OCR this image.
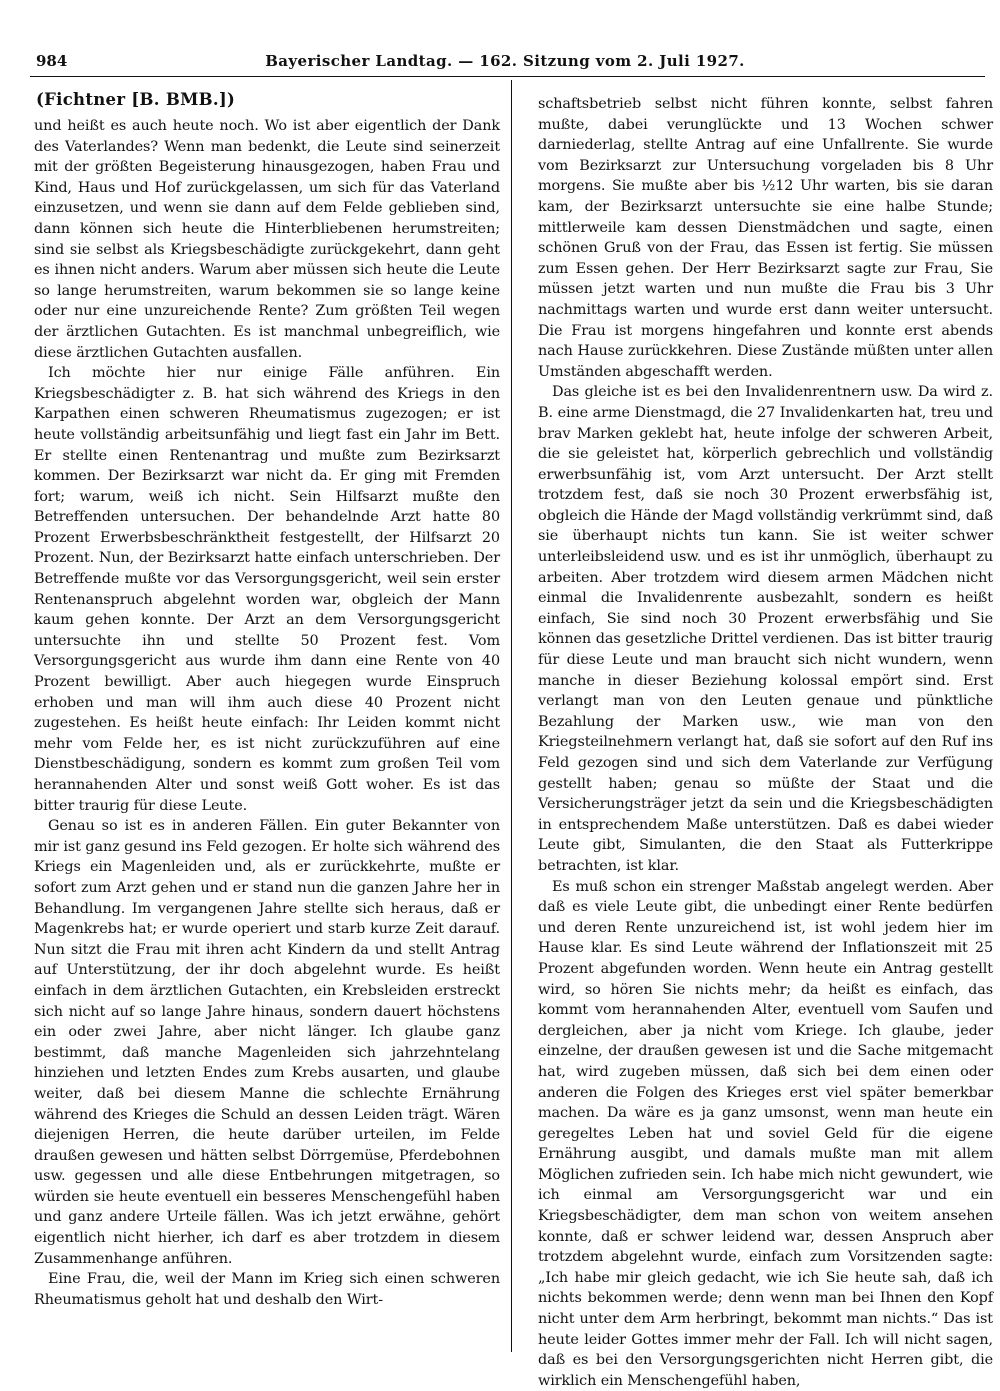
984	Bayerischer Landtag. — 162. Sitzung vom 2. Juli 1927.
(Fichtner [B. BMB.])

und heißt es auch heute noch. Wo ist aber eigentlich der Dank des Vaterlandes? Wenn man bedenkt, die Leute sind seinerzeit mit der größten Begeisterung hinausgezogen, haben Frau und Kind, Haus und Hof zurückgelassen, um sich für das Vaterland einzusetzen, und wenn sie dann auf dem Felde geblieben sind, dann können sich heute die Hinterbliebenen herumstreiten; sind sie selbst als Kriegsbeschädigte zurückgekehrt, dann geht es ihnen nicht anders. Warum aber müssen sich heute die Leute so lange herumstreiten, warum bekommen sie so lange keine oder nur eine unzureichende Rente? Zum größten Teil wegen der ärztlichen Gutachten. Es ist manchmal unbegreiflich, wie diese ärztlichen Gutachten ausfallen.

Ich möchte hier nur einige Fälle anführen. Ein Kriegsbeschädigter z. B. hat sich während des Kriegs in den Karpathen einen schweren Rheumatismus zugezogen; er ist heute vollständig arbeitsunfähig und liegt fast ein Jahr im Bett. Er stellte einen Rentenantrag und mußte zum Bezirksarzt kommen. Der Bezirksarzt war nicht da. Er ging mit Fremden fort; warum, weiß ich nicht. Sein Hilfsarzt mußte den Betreffenden untersuchen. Der behandelnde Arzt hatte 80 Prozent Erwerbsbeschränktheit festgestellt, der Hilfsarzt 20 Prozent. Nun, der Bezirksarzt hatte einfach unterschrieben. Der Betreffende mußte vor das Versorgungsgericht, weil sein erster Rentenanspruch abgelehnt worden war, obgleich der Mann kaum gehen konnte. Der Arzt an dem Versorgungsgericht untersuchte ihn und stellte 50 Prozent fest. Vom Versorgungsgericht aus wurde ihm dann eine Rente von 40 Prozent bewilligt. Aber auch hiegegen wurde Einspruch erhoben und man will ihm auch diese 40 Prozent nicht zugestehen. Es heißt heute einfach: Ihr Leiden kommt nicht mehr vom Felde her, es ist nicht zurückzuführen auf eine Dienstbeschädigung, sondern es kommt zum großen Teil vom herannahenden Alter und sonst weiß Gott woher. Es ist das bitter traurig für diese Leute.

Genau so ist es in anderen Fällen. Ein guter Bekannter von mir ist ganz gesund ins Feld gezogen. Er holte sich während des Kriegs ein Magenleiden und, als er zurückkehrte, mußte er sofort zum Arzt gehen und er stand nun die ganzen Jahre her in Behandlung. Im vergangenen Jahre stellte sich heraus, daß er Magenkrebs hat; er wurde operiert und starb kurze Zeit darauf. Nun sitzt die Frau mit ihren acht Kindern da und stellt Antrag auf Unterstützung, der ihr doch abgelehnt wurde. Es heißt einfach in dem ärztlichen Gutachten, ein Krebsleiden erstreckt sich nicht auf so lange Jahre hinaus, sondern dauert höchstens ein oder zwei Jahre, aber nicht länger. Ich glaube ganz bestimmt, daß manche Magenleiden sich jahrzehntelang hinziehen und letzten Endes zum Krebs ausarten, und glaube weiter, daß bei diesem Manne die schlechte Ernährung während des Krieges die Schuld an dessen Leiden trägt. Wären diejenigen Herren, die heute darüber urteilen, im Felde draußen gewesen und hätten selbst Dörrgemüse, Pferdebohnen usw. gegessen und alle diese Entbehrungen mitgetragen, so würden sie heute eventuell ein besseres Menschengefühl haben und ganz andere Urteile fällen. Was ich jetzt erwähne, gehört eigentlich nicht hierher, ich darf es aber trotzdem in diesem Zusammenhange anführen.

Eine Frau, die, weil der Mann im Krieg sich einen schweren Rheumatismus geholt hat und deshalb den Wirt-

schaftsbetrieb selbst nicht führen konnte, selbst fahren mußte, dabei verunglückte und 13 Wochen schwer darniederlag, stellte Antrag auf eine Unfallrente. Sie wurde vom Bezirksarzt zur Untersuchung vorgeladen bis 8 Uhr morgens. Sie mußte aber bis ½12 Uhr warten, bis sie daran kam, der Bezirksarzt untersuchte sie eine halbe Stunde; mittlerweile kam dessen Dienstmädchen und sagte, einen schönen Gruß von der Frau, das Essen ist fertig. Sie müssen zum Essen gehen. Der Herr Bezirksarzt sagte zur Frau, Sie müssen jetzt warten und nun mußte die Frau bis 3 Uhr nachmittags warten und wurde erst dann weiter untersucht. Die Frau ist morgens hingefahren und konnte erst abends nach Hause zurückkehren. Diese Zustände müßten unter allen Umständen abgeschafft werden.

Das gleiche ist es bei den Invalidenrentnern usw. Da wird z. B. eine arme Dienstmagd, die 27 Invalidenkarten hat, treu und brav Marken geklebt hat, heute infolge der schweren Arbeit, die sie geleistet hat, körperlich gebrechlich und vollständig erwerbsunfähig ist, vom Arzt untersucht. Der Arzt stellt trotzdem fest, daß sie noch 30 Prozent erwerbsfähig ist, obgleich die Hände der Magd vollständig verkrümmt sind, daß sie überhaupt nichts tun kann. Sie ist weiter schwer unterleibsleidend usw. und es ist ihr unmöglich, überhaupt zu arbeiten. Aber trotzdem wird diesem armen Mädchen nicht einmal die Invalidenrente ausbezahlt, sondern es heißt einfach, Sie sind noch 30 Prozent erwerbsfähig und Sie können das gesetzliche Drittel verdienen. Das ist bitter traurig für diese Leute und man braucht sich nicht wundern, wenn manche in dieser Beziehung kolossal empört sind. Erst verlangt man von den Leuten genaue und pünktliche Bezahlung der Marken usw., wie man von den Kriegsteilnehmern verlangt hat, daß sie sofort auf den Ruf ins Feld gezogen sind und sich dem Vaterlande zur Verfügung gestellt haben; genau so müßte der Staat und die Versicherungsträger jetzt da sein und die Kriegsbeschädigten in entsprechendem Maße unterstützen. Daß es dabei wieder Leute gibt, Simulanten, die den Staat als Futterkrippe betrachten, ist klar.

Es muß schon ein strenger Maßstab angelegt werden. Aber daß es viele Leute gibt, die unbedingt einer Rente bedürfen und deren Rente unzureichend ist, ist wohl jedem hier im Hause klar. Es sind Leute während der Inflationszeit mit 25 Prozent abgefunden worden. Wenn heute ein Antrag gestellt wird, so hören Sie nichts mehr; da heißt es einfach, das kommt vom herannahenden Alter, eventuell vom Saufen und dergleichen, aber ja nicht vom Kriege. Ich glaube, jeder einzelne, der draußen gewesen ist und die Sache mitgemacht hat, wird zugeben müssen, daß sich bei dem einen oder anderen die Folgen des Krieges erst viel später bemerkbar machen. Da wäre es ja ganz umsonst, wenn man heute ein geregeltes Leben hat und soviel Geld für die eigene Ernährung ausgibt, und damals mußte man mit allem Möglichen zufrieden sein. Ich habe mich nicht gewundert, wie ich einmal am Versorgungsgericht war und ein Kriegsbeschädigter, dem man schon von weitem ansehen konnte, daß er schwer leidend war, dessen Anspruch aber trotzdem abgelehnt wurde, einfach zum Vorsitzenden sagte: „Ich habe mir gleich gedacht, wie ich Sie heute sah, daß ich nichts bekommen werde; denn wenn man bei Ihnen den Kopf nicht unter dem Arm herbringt, bekommt man nichts.“ Das ist heute leider Gottes immer mehr der Fall. Ich will nicht sagen, daß es bei den Versorgungsgerichten nicht Herren gibt, die wirklich ein Menschengefühl haben,
